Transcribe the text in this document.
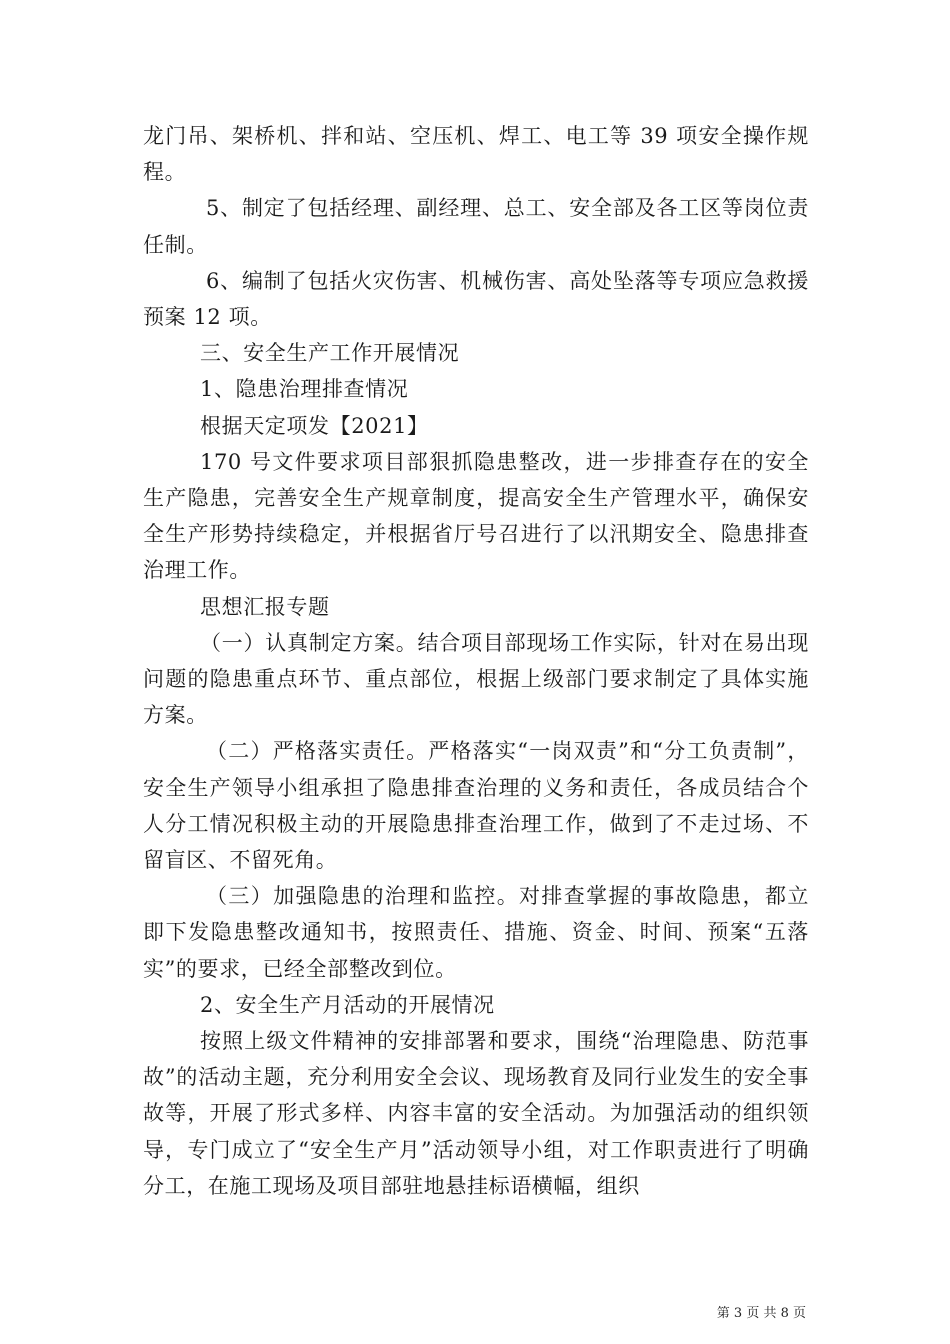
龙门吊、架桥机、拌和站、空压机、焊工、电工等 39 项安全操作规程。

5、制定了包括经理、副经理、总工、安全部及各工区等岗位责任制。

6、编制了包括火灾伤害、机械伤害、高处坠落等专项应急救援预案 12 项。

三、安全生产工作开展情况

1、隐患治理排查情况

根据天定项发【2021】

170 号文件要求项目部狠抓隐患整改，进一步排查存在的安全生产隐患，完善安全生产规章制度，提高安全生产管理水平，确保安全生产形势持续稳定，并根据省厅号召进行了以汛期安全、隐患排查治理工作。

思想汇报专题

（一）认真制定方案。结合项目部现场工作实际，针对在易出现问题的隐患重点环节、重点部位，根据上级部门要求制定了具体实施方案。

（二）严格落实责任。严格落实“一岗双责”和“分工负责制”，安全生产领导小组承担了隐患排查治理的义务和责任，各成员结合个人分工情况积极主动的开展隐患排查治理工作，做到了不走过场、不留盲区、不留死角。

（三）加强隐患的治理和监控。对排查掌握的事故隐患，都立即下发隐患整改通知书，按照责任、措施、资金、时间、预案“五落实”的要求，已经全部整改到位。

2、安全生产月活动的开展情况

按照上级文件精神的安排部署和要求，围绕“治理隐患、防范事故”的活动主题，充分利用安全会议、现场教育及同行业发生的安全事故等，开展了形式多样、内容丰富的安全活动。为加强活动的组织领导，专门成立了“安全生产月”活动领导小组，对工作职责进行了明确分工，在施工现场及项目部驻地悬挂标语横幅，组织

第 3 页 共 8 页
